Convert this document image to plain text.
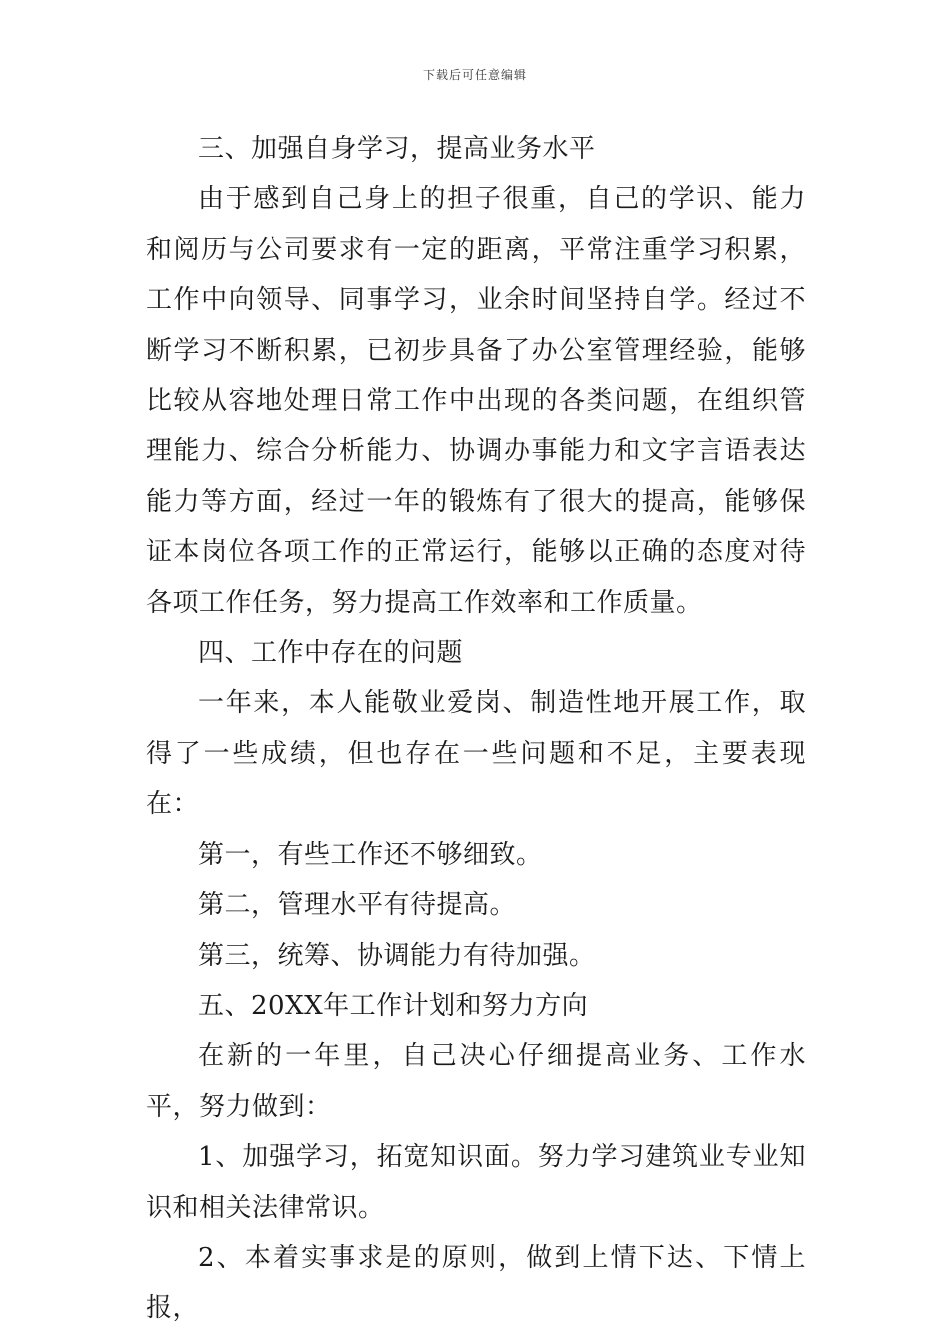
下载后可任意编辑

三、加强自身学习，提高业务水平

由于感到自己身上的担子很重，自己的学识、能力和阅历与公司要求有一定的距离，平常注重学习积累，工作中向领导、同事学习，业余时间坚持自学。经过不断学习不断积累，已初步具备了办公室管理经验，能够比较从容地处理日常工作中出现的各类问题，在组织管理能力、综合分析能力、协调办事能力和文字言语表达能力等方面，经过一年的锻炼有了很大的提高，能够保证本岗位各项工作的正常运行，能够以正确的态度对待各项工作任务，努力提高工作效率和工作质量。

四、工作中存在的问题

一年来，本人能敬业爱岗、制造性地开展工作，取得了一些成绩，但也存在一些问题和不足，主要表现在：

第一，有些工作还不够细致。

第二，管理水平有待提高。

第三，统筹、协调能力有待加强。

五、20XX年工作计划和努力方向

在新的一年里，自己决心仔细提高业务、工作水平，努力做到：

1、加强学习，拓宽知识面。努力学习建筑业专业知识和相关法律常识。

2、本着实事求是的原则，做到上情下达、下情上报，
